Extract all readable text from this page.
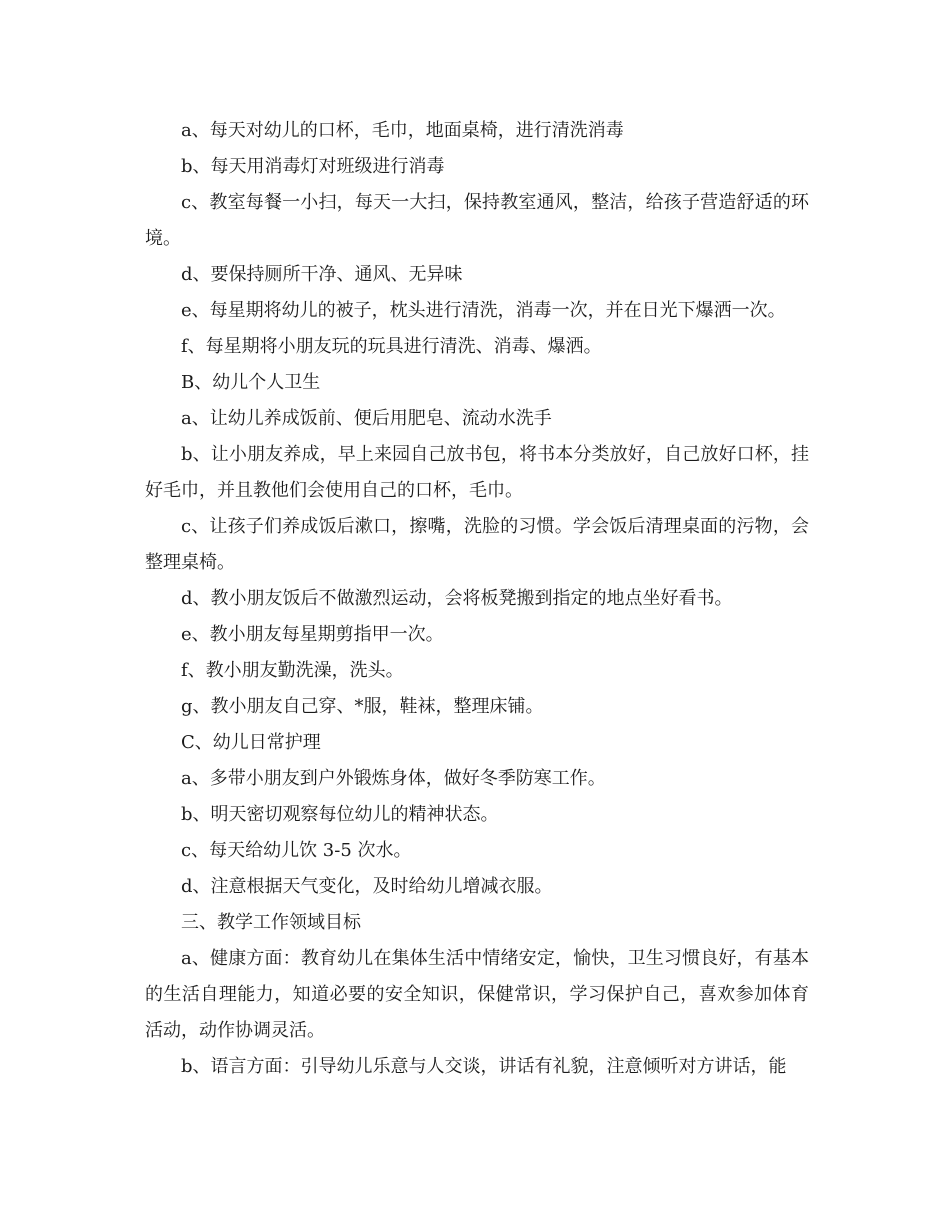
a、每天对幼儿的口杯，毛巾，地面桌椅，进行清洗消毒

b、每天用消毒灯对班级进行消毒

c、教室每餐一小扫，每天一大扫，保持教室通风，整洁，给孩子营造舒适的环境。

d、要保持厕所干净、通风、无异味

e、每星期将幼儿的被子，枕头进行清洗，消毒一次，并在日光下爆洒一次。

f、每星期将小朋友玩的玩具进行清洗、消毒、爆洒。

B、幼儿个人卫生

a、让幼儿养成饭前、便后用肥皂、流动水洗手

b、让小朋友养成，早上来园自己放书包，将书本分类放好，自己放好口杯，挂好毛巾，并且教他们会使用自己的口杯，毛巾。

c、让孩子们养成饭后漱口，擦嘴，洗脸的习惯。学会饭后清理桌面的污物，会整理桌椅。

d、教小朋友饭后不做激烈运动，会将板凳搬到指定的地点坐好看书。

e、教小朋友每星期剪指甲一次。

f、教小朋友勤洗澡，洗头。

g、教小朋友自己穿、*服，鞋袜，整理床铺。

C、幼儿日常护理

a、多带小朋友到户外锻炼身体，做好冬季防寒工作。

b、明天密切观察每位幼儿的精神状态。

c、每天给幼儿饮 3-5 次水。

d、注意根据天气变化，及时给幼儿增减衣服。

三、教学工作领域目标

a、健康方面：教育幼儿在集体生活中情绪安定，愉快，卫生习惯良好，有基本的生活自理能力，知道必要的安全知识，保健常识，学习保护自己，喜欢参加体育活动，动作协调灵活。

b、语言方面：引导幼儿乐意与人交谈，讲话有礼貌，注意倾听对方讲话，能
